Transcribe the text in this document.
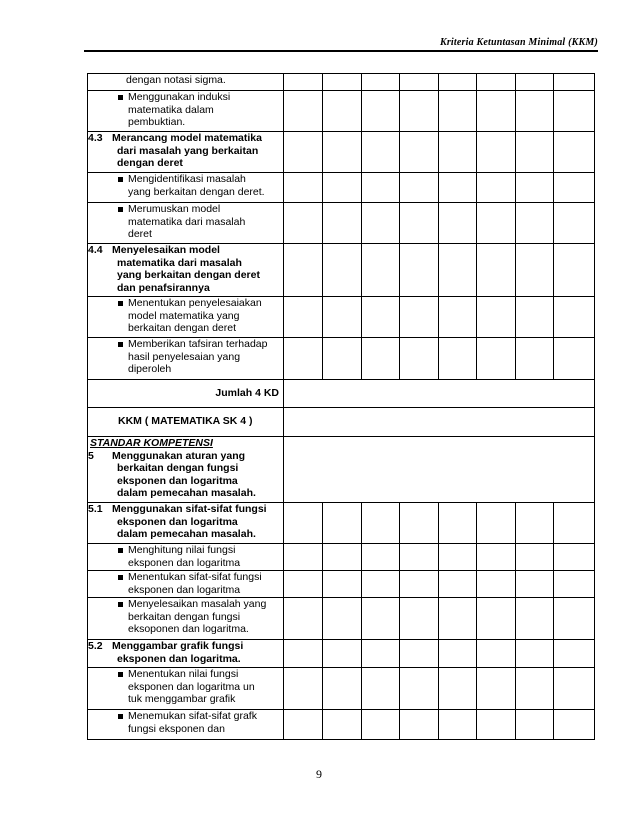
Kriteria Ketuntasan Minimal (KKM)
dengan notasi sigma.								

Menggunakan induksi
matematika dalam
pembuktian.								

4.3 Merancang model matematika
dari masalah yang berkaitan
dengan deret								

Mengidentifikasi masalah
yang berkaitan dengan deret.								

Merumuskan model
matematika dari masalah
deret								

4.4 Menyelesaikan model
matematika dari masalah
yang berkaitan dengan deret
dan penafsirannya								

Menentukan penyelesaiakan
model matematika yang
berkaitan dengan deret								

Memberikan tafsiran terhadap
hasil penyelesaian yang
diperoleh								

Jumlah 4 KD								
KKM ( MATEMATIKA SK 4 )								

STANDAR KOMPETENSI
5 Menggunakan aturan yang
berkaitan dengan fungsi
eksponen dan logaritma
dalam pemecahan masalah.								

5.1 Menggunakan sifat-sifat fungsi
eksponen dan logaritma
dalam pemecahan masalah.								

Menghitung nilai fungsi
eksponen dan logaritma								

Menentukan sifat-sifat fungsi
eksponen dan logaritma								

Menyelesaikan masalah yang
berkaitan dengan fungsi
eksoponen dan logaritma.								

5.2 Menggambar grafik fungsi
eksponen dan logaritma.								

Menentukan nilai fungsi
eksponen dan logaritma un
tuk menggambar grafik								

Menemukan sifat-sifat grafk
fungsi eksponen dan								

9
